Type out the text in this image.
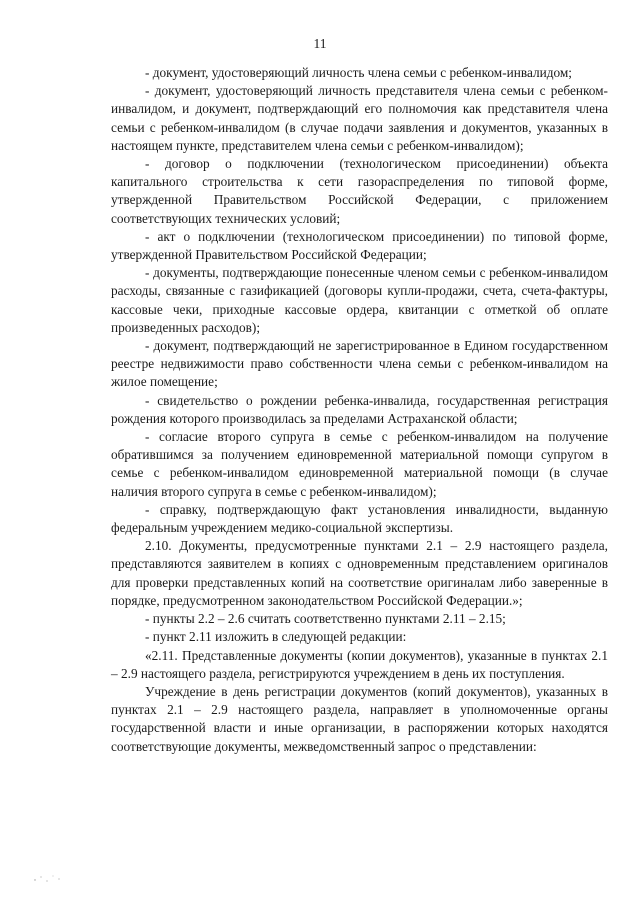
11

- документ, удостоверяющий личность члена семьи с ребенком-инвалидом;

- документ, удостоверяющий личность представителя члена семьи с ребенком-инвалидом, и документ, подтверждающий его полномочия как представителя члена семьи с ребенком-инвалидом (в случае подачи заявления и документов, указанных в настоящем пункте, представителем члена семьи с ребенком-инвалидом);

- договор о подключении (технологическом присоединении) объекта капитального строительства к сети газораспределения по типовой форме, утвержденной Правительством Российской Федерации, с приложением соответствующих технических условий;

- акт о подключении (технологическом присоединении) по типовой форме, утвержденной Правительством Российской Федерации;

- документы, подтверждающие понесенные членом семьи с ребенком-инвалидом расходы, связанные с газификацией (договоры купли-продажи, счета, счета-фактуры, кассовые чеки, приходные кассовые ордера, квитанции с отметкой об оплате произведенных расходов);

- документ, подтверждающий не зарегистрированное в Едином государственном реестре недвижимости право собственности члена семьи с ребенком-инвалидом на жилое помещение;

- свидетельство о рождении ребенка-инвалида, государственная регистрация рождения которого производилась за пределами Астраханской области;

- согласие второго супруга в семье с ребенком-инвалидом на получение обратившимся за получением единовременной материальной помощи супругом в семье с ребенком-инвалидом единовременной материальной помощи (в случае наличия второго супруга в семье с ребенком-инвалидом);

- справку, подтверждающую факт установления инвалидности, выданную федеральным учреждением медико-социальной экспертизы.

2.10. Документы, предусмотренные пунктами 2.1 – 2.9 настоящего раздела, представляются заявителем в копиях с одновременным представлением оригиналов для проверки представленных копий на соответствие оригиналам либо заверенные в порядке, предусмотренном законодательством Российской Федерации.»;

- пункты 2.2 – 2.6 считать соответственно пунктами 2.11 – 2.15;

- пункт 2.11 изложить в следующей редакции:

«2.11. Представленные документы (копии документов), указанные в пунктах 2.1 – 2.9 настоящего раздела, регистрируются учреждением в день их поступления.

Учреждение в день регистрации документов (копий документов), указанных в пунктах 2.1 – 2.9 настоящего раздела, направляет в уполномоченные органы государственной власти и иные организации, в распоряжении которых находятся соответствующие документы, межведомственный запрос о представлении:
